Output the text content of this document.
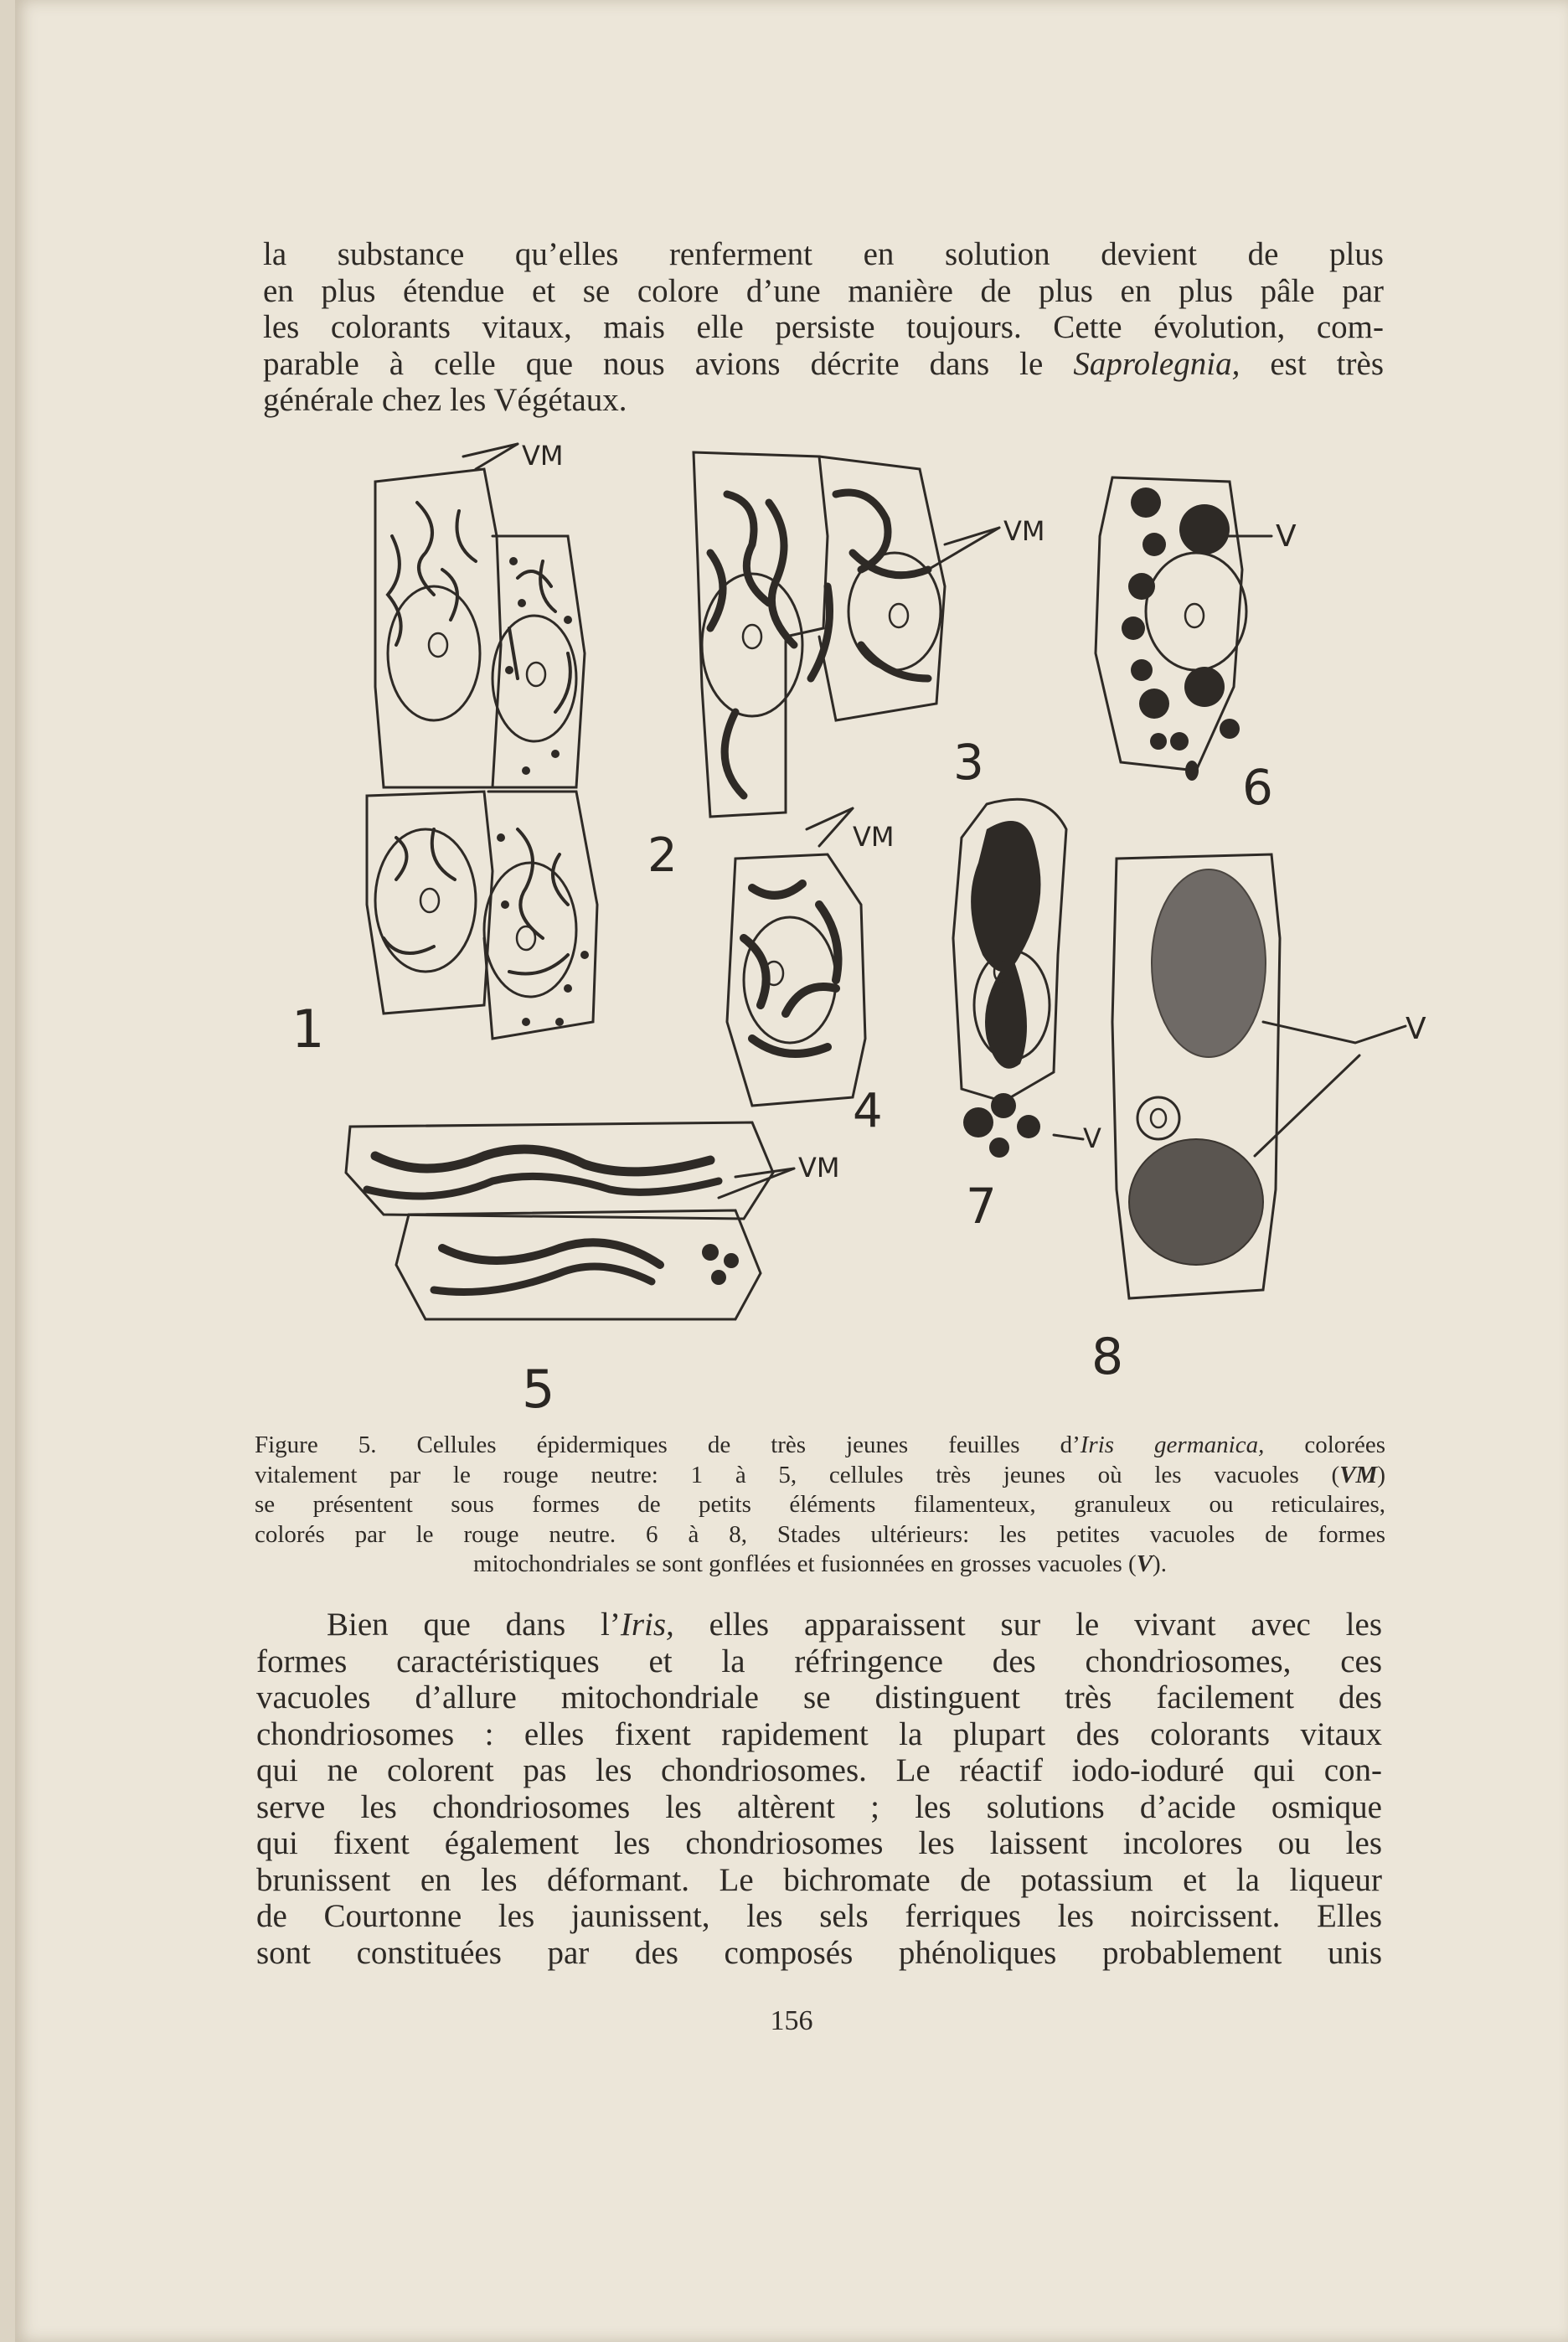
la substance qu’elles renferment en solution devient de plus
en plus étendue et se colore d’une manière de plus en plus pâle par
les colorants vitaux, mais elle persiste toujours. Cette évolution, com-
parable à celle que nous avions décrite dans le Saprolegnia, est très
générale chez les Végétaux.
1
2
3
4
5
6
7
8
VM
VM
VM
VM
V
V
V
Figure 5. Cellules épidermiques de très jeunes feuilles d’Iris germanica, colorées
vitalement par le rouge neutre: 1 à 5, cellules très jeunes où les vacuoles (VM)
se présentent sous formes de petits éléments filamenteux, granuleux ou reticulaires,
colorés par le rouge neutre. 6 à 8, Stades ultérieurs: les petites vacuoles de formes
mitochondriales se sont gonflées et fusionnées en grosses vacuoles (V).
Bien que dans l’Iris, elles apparaissent sur le vivant avec les
formes caractéristiques et la réfringence des chondriosomes, ces
vacuoles d’allure mitochondriale se distinguent très facilement des
chondriosomes : elles fixent rapidement la plupart des colorants vitaux
qui ne colorent pas les chondriosomes. Le réactif iodo-ioduré qui con-
serve les chondriosomes les altèrent ; les solutions d’acide osmique
qui fixent également les chondriosomes les laissent incolores ou les
brunissent en les déformant. Le bichromate de potassium et la liqueur
de Courtonne les jaunissent, les sels ferriques les noircissent. Elles
sont constituées par des composés phénoliques probablement unis
156
